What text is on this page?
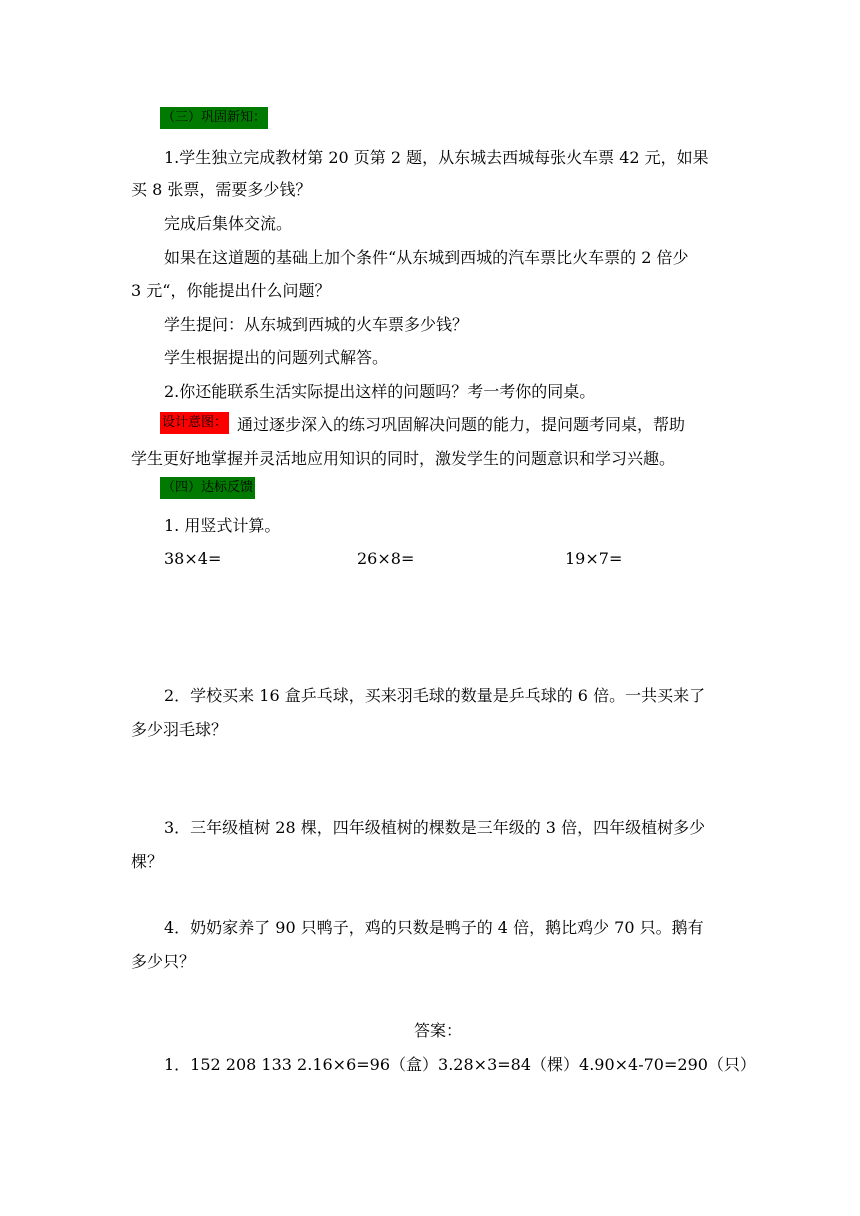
（三）巩固新知：
1.学生独立完成教材第 20 页第 2 题，从东城去西城每张火车票 42 元，如果
买 8 张票，需要多少钱？
完成后集体交流。
如果在这道题的基础上加个条件“从东城到西城的汽车票比火车票的 2 倍少
3 元“，你能提出什么问题？
学生提问：从东城到西城的火车票多少钱？
学生根据提出的问题列式解答。
2.你还能联系生活实际提出这样的问题吗？考一考你的同桌。
设计意图： 通过逐步深入的练习巩固解决问题的能力，提问题考同桌，帮助
学生更好地掌握并灵活地应用知识的同时，激发学生的问题意识和学习兴趣。
（四）达标反馈
1. 用竖式计算。
38×4=	26×8=	19×7=
2．学校买来 16 盒乒乓球，买来羽毛球的数量是乒乓球的 6 倍。一共买来了
多少羽毛球？
3．三年级植树 28 棵，四年级植树的棵数是三年级的 3 倍，四年级植树多少
棵？
4．奶奶家养了 90 只鸭子，鸡的只数是鸭子的 4 倍，鹅比鸡少 70 只。鹅有
多少只？
答案：
1．152 208 133 2.16×6=96（盒）3.28×3=84（棵）4.90×4-70=290（只）
